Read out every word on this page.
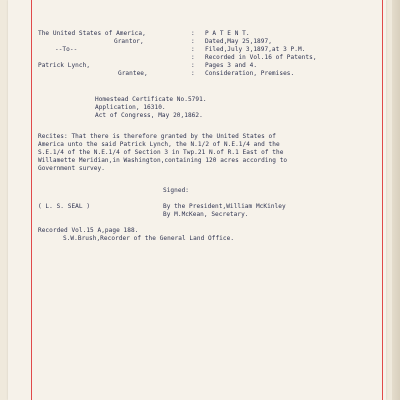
The United States of America,
Grantor,
--To--
Patrick Lynch,
Grantee,
:
:
:
:
:
:
P A T E N T.
Dated,May 25,1897,
Filed,July 3,1897,at 3 P.M.
Recorded in Vol.16 of Patents,
Pages 3 and 4.
Consideration, Premises.
Homestead Certificate No.5791.
Application, 16310.
Act of Congress, May 20,1862.
Recites: That there is therefore granted by the United States of
America unto the said Patrick Lynch, the N.1/2 of N.E.1/4 and the
S.E.1/4 of the N.E.1/4 of Section 3 in Twp.21 N.of R.1 East of the
Willamette Meridian,in Washington,containing 120 acres according to
Government survey.
Signed:
( L. S. SEAL )	By the President,William McKinley
By M.McKean, Secretary.
Recorded Vol.15 A,page 188.
S.W.Brush,Recorder of the General Land Office.
